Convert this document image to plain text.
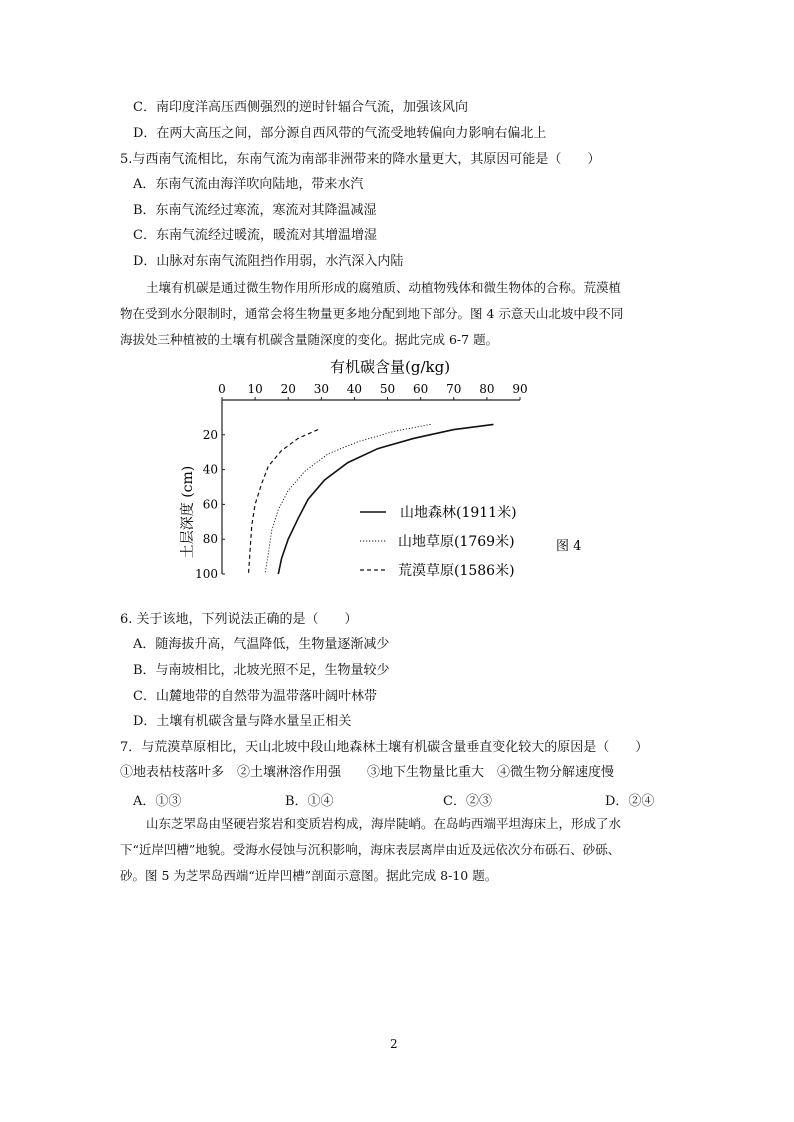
C．南印度洋高压西侧强烈的逆时针辐合气流，加强该风向
D．在两大高压之间，部分源自西风带的气流受地转偏向力影响右偏北上
5.与西南气流相比，东南气流为南部非洲带来的降水量更大，其原因可能是（　　）
A．东南气流由海洋吹向陆地，带来水汽
B．东南气流经过寒流，寒流对其降温减湿
C．东南气流经过暖流，暖流对其增温增湿
D．山脉对东南气流阻挡作用弱，水汽深入内陆
土壤有机碳是通过微生物作用所形成的腐殖质、动植物残体和微生物体的合称。荒漠植
物在受到水分限制时，通常会将生物量更多地分配到地下部分。图 4 示意天山北坡中段不同
海拔处三种植被的土壤有机碳含量随深度的变化。据此完成 6-7 题。
有机碳含量(g/kg)
0 10 20 30 40 50 60 70 80 90
20
40
60
80
100
土层深度 (cm)	山地森林(1911米)
山地草原(1769米)
荒漠草原(1586米)
图 4
6. 关于该地，下列说法正确的是（　　）
A．随海拔升高，气温降低，生物量逐渐减少
B．与南坡相比，北坡光照不足，生物量较少
C．山麓地带的自然带为温带落叶阔叶林带
D．土壤有机碳含量与降水量呈正相关
7．与荒漠草原相比，天山北坡中段山地森林土壤有机碳含量垂直变化较大的原因是（　　）
①地表枯枝落叶多　②土壤淋溶作用强　　③地下生物量比重大　④微生物分解速度慢
A．①③	B．①④	C．②③	D．②④
山东芝罘岛由坚硬岩浆岩和变质岩构成，海岸陡峭。在岛屿西端平坦海床上，形成了水
下“近岸凹槽”地貌。受海水侵蚀与沉积影响，海床表层离岸由近及远依次分布砾石、砂砾、
砂。图 5 为芝罘岛西端“近岸凹槽”剖面示意图。据此完成 8-10 题。
2
